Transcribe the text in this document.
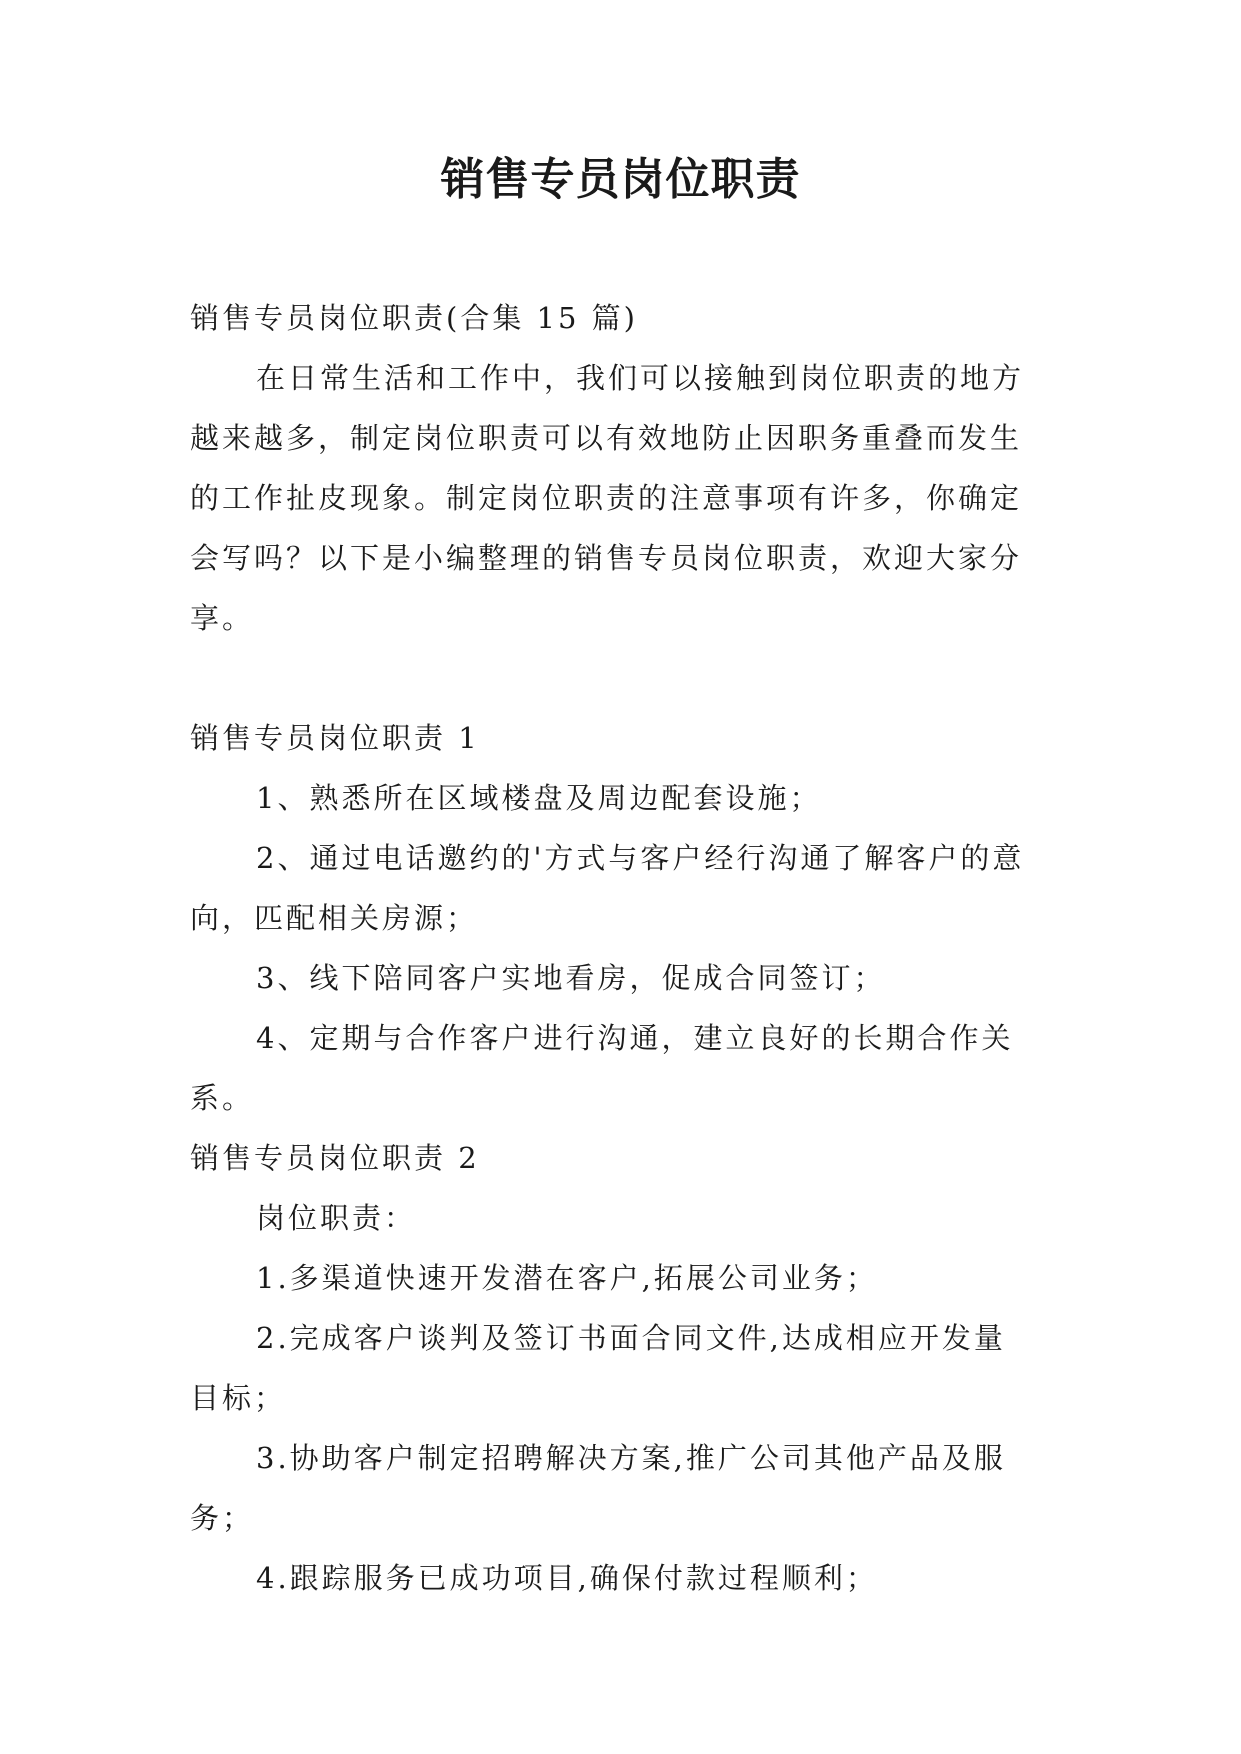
销售专员岗位职责

销售专员岗位职责(合集 15 篇)

在日常生活和工作中，我们可以接触到岗位职责的地方

越来越多，制定岗位职责可以有效地防止因职务重叠而发生

的工作扯皮现象。制定岗位职责的注意事项有许多，你确定

会写吗？以下是小编整理的销售专员岗位职责，欢迎大家分

享。

销售专员岗位职责 1

1、熟悉所在区域楼盘及周边配套设施；

2、通过电话邀约的'方式与客户经行沟通了解客户的意

向，匹配相关房源；

3、线下陪同客户实地看房，促成合同签订；

4、定期与合作客户进行沟通，建立良好的长期合作关

系。

销售专员岗位职责 2

岗位职责：

1.多渠道快速开发潜在客户,拓展公司业务；

2.完成客户谈判及签订书面合同文件,达成相应开发量

目标；

3.协助客户制定招聘解决方案,推广公司其他产品及服

务；

4.跟踪服务已成功项目,确保付款过程顺利；
